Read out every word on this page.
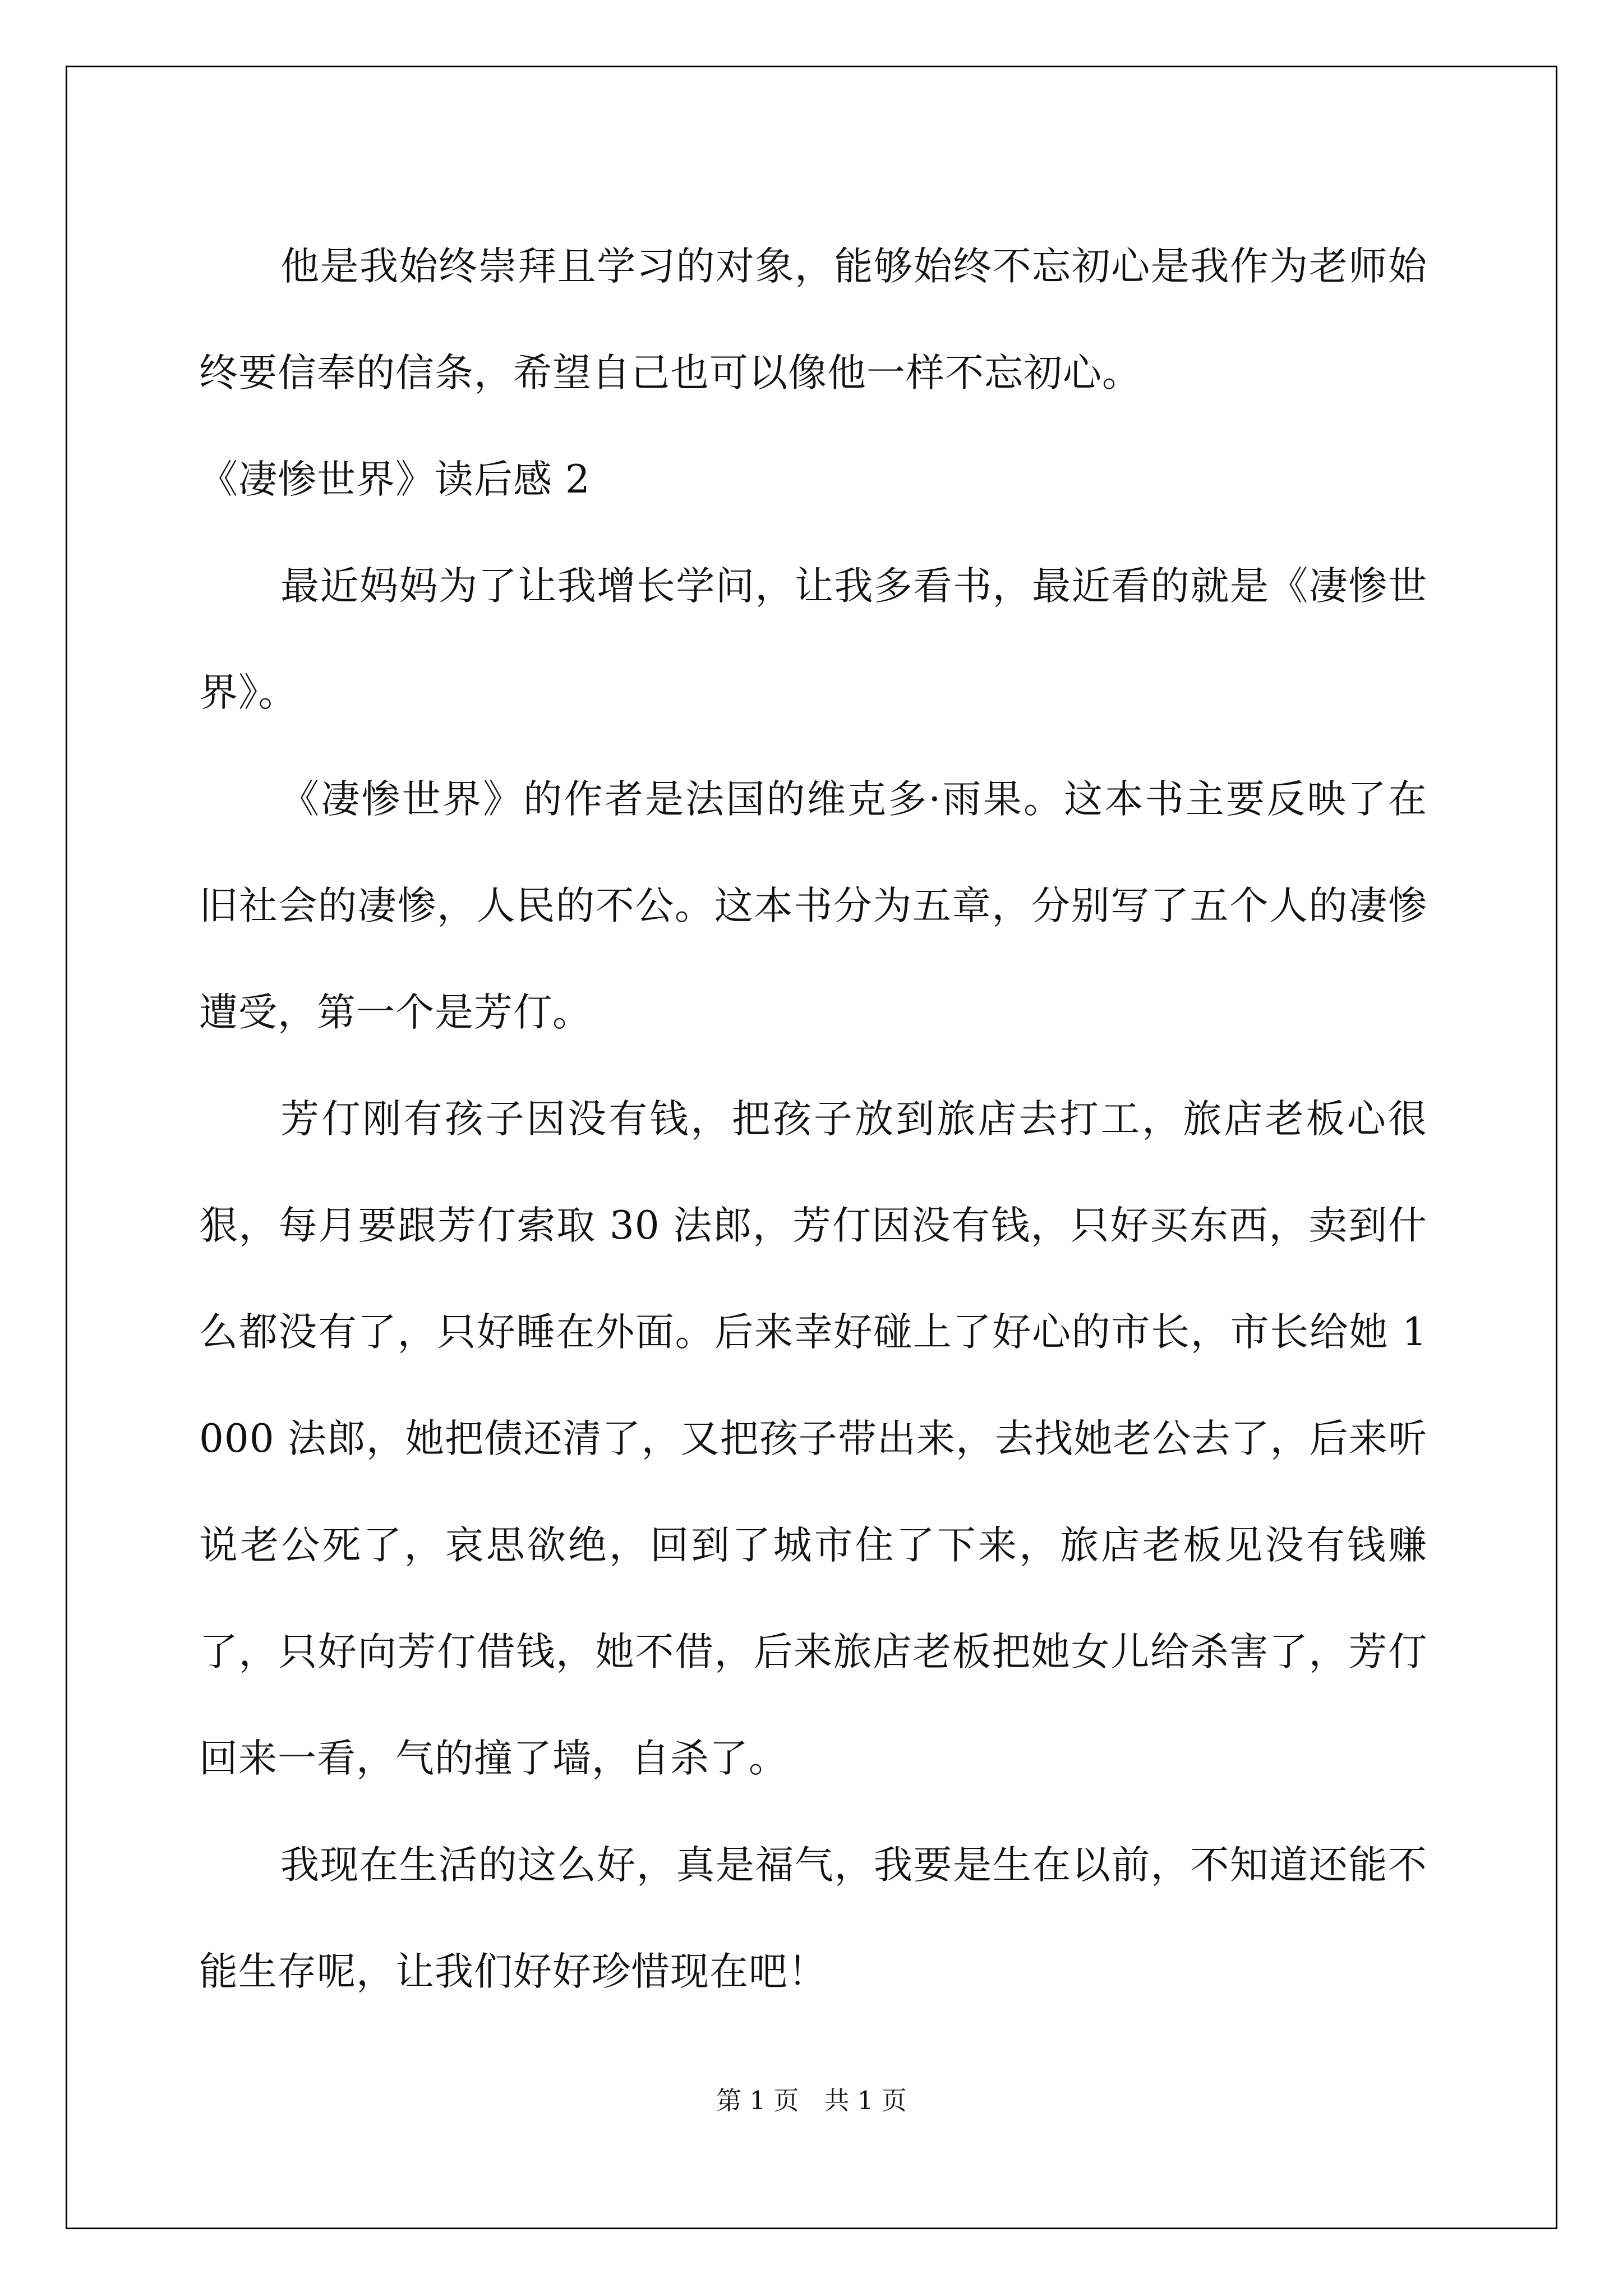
他是我始终崇拜且学习的对象，能够始终不忘初心是我作为老师始终要信奉的信条，希望自己也可以像他一样不忘初心。

《凄惨世界》读后感 2

最近妈妈为了让我增长学问，让我多看书，最近看的就是《凄惨世界》。

《凄惨世界》的作者是法国的维克多·雨果。这本书主要反映了在旧社会的凄惨，人民的不公。这本书分为五章，分别写了五个人的凄惨遭受，第一个是芳仃。

芳仃刚有孩子因没有钱，把孩子放到旅店去打工，旅店老板心很狠，每月要跟芳仃索取 30 法郎，芳仃因没有钱，只好买东西，卖到什么都没有了，只好睡在外面。后来幸好碰上了好心的市长，市长给她 1000 法郎，她把债还清了，又把孩子带出来，去找她老公去了，后来听说老公死了，哀思欲绝，回到了城市住了下来，旅店老板见没有钱赚了，只好向芳仃借钱，她不借，后来旅店老板把她女儿给杀害了，芳仃回来一看，气的撞了墙，自杀了。

我现在生活的这么好，真是福气，我要是生在以前，不知道还能不能生存呢，让我们好好珍惜现在吧！

第 1 页　共 1 页
